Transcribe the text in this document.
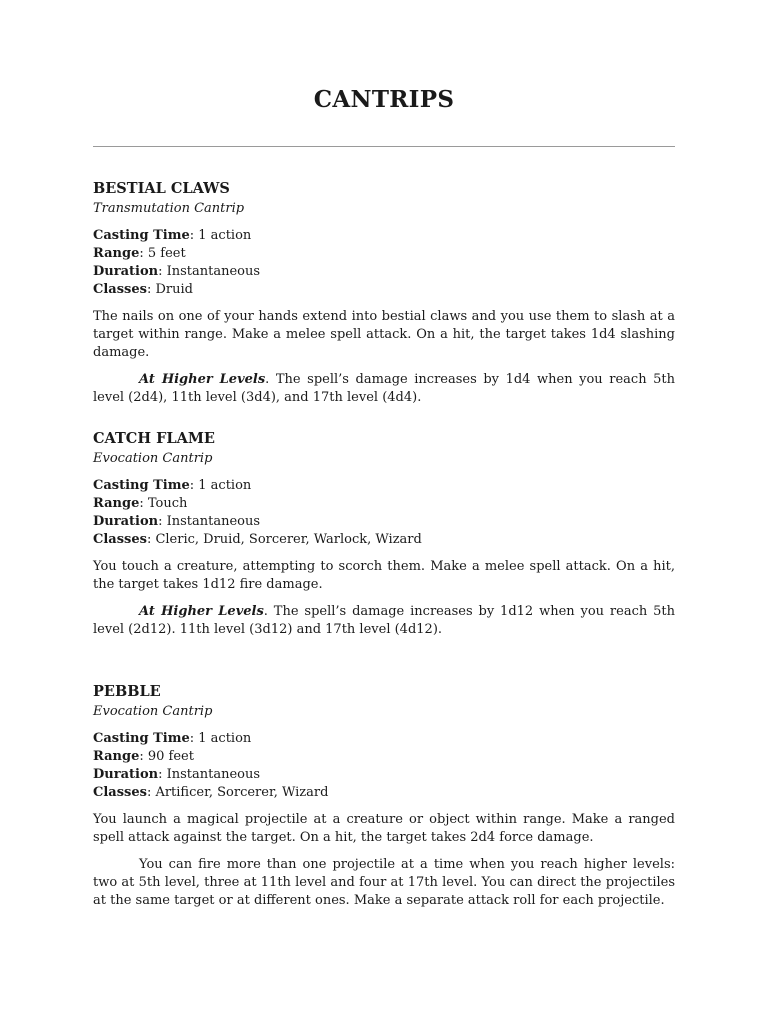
CANTRIPS
BESTIAL CLAWS
Transmutation Cantrip
Casting Time: 1 action
Range: 5 feet
Duration: Instantaneous
Classes: Druid
The nails on one of your hands extend into bestial claws and you use them to slash at a target within range. Make a melee spell attack. On a hit, the target takes 1d4 slashing damage.
At Higher Levels. The spell’s damage increases by 1d4 when you reach 5th level (2d4), 11th level (3d4), and 17th level (4d4).
CATCH FLAME
Evocation Cantrip
Casting Time: 1 action
Range: Touch
Duration: Instantaneous
Classes: Cleric, Druid, Sorcerer, Warlock, Wizard
You touch a creature, attempting to scorch them. Make a melee spell attack. On a hit, the target takes 1d12 fire damage.
At Higher Levels. The spell’s damage increases by 1d12 when you reach 5th level (2d12). 11th level (3d12) and 17th level (4d12).
PEBBLE
Evocation Cantrip
Casting Time: 1 action
Range: 90 feet
Duration: Instantaneous
Classes: Artificer, Sorcerer, Wizard
You launch a magical projectile at a creature or object within range. Make a ranged spell attack against the target. On a hit, the target takes 2d4 force damage.
You can fire more than one projectile at a time when you reach higher levels: two at 5th level, three at 11th level and four at 17th level. You can direct the projectiles at the same target or at different ones. Make a separate attack roll for each projectile.
